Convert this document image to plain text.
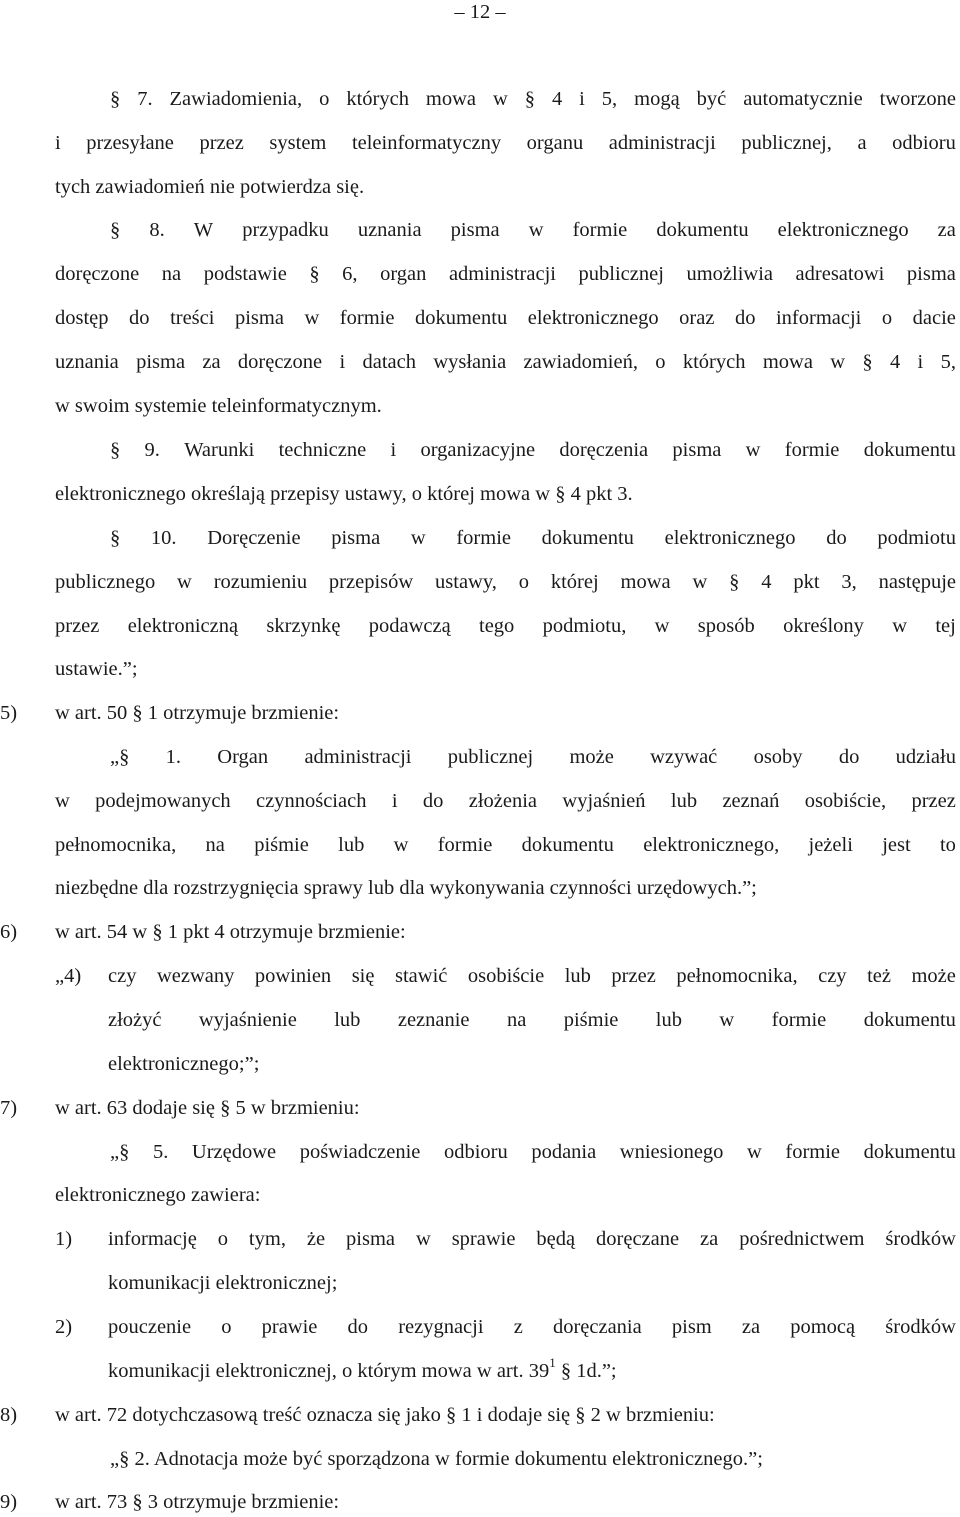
– 12 –
§ 7. Zawiadomienia, o których mowa w § 4 i 5, mogą być automatycznie tworzone
i przesyłane przez system teleinformatyczny organu administracji publicznej, a odbioru
tych zawiadomień nie potwierdza się.
§ 8. W przypadku uznania pisma w formie dokumentu elektronicznego za
doręczone na podstawie § 6, organ administracji publicznej umożliwia adresatowi pisma
dostęp do treści pisma w formie dokumentu elektronicznego oraz do informacji o dacie
uznania pisma za doręczone i datach wysłania zawiadomień, o których mowa w § 4 i 5,
w swoim systemie teleinformatycznym.
§ 9. Warunki techniczne i organizacyjne doręczenia pisma w formie dokumentu
elektronicznego określają przepisy ustawy, o której mowa w § 4 pkt 3.
§ 10. Doręczenie pisma w formie dokumentu elektronicznego do podmiotu
publicznego w rozumieniu przepisów ustawy, o której mowa w § 4 pkt 3, następuje
przez elektroniczną skrzynkę podawczą tego podmiotu, w sposób określony w tej
ustawie.”;
5) w art. 50 § 1 otrzymuje brzmienie:
„§ 1. Organ administracji publicznej może wzywać osoby do udziału
w podejmowanych czynnościach i do złożenia wyjaśnień lub zeznań osobiście, przez
pełnomocnika, na piśmie lub w formie dokumentu elektronicznego, jeżeli jest to
niezbędne dla rozstrzygnięcia sprawy lub dla wykonywania czynności urzędowych.”;
6) w art. 54 w § 1 pkt 4 otrzymuje brzmienie:
„4) czy wezwany powinien się stawić osobiście lub przez pełnomocnika, czy też może
złożyć wyjaśnienie lub zeznanie na piśmie lub w formie dokumentu
elektronicznego;”;
7) w art. 63 dodaje się § 5 w brzmieniu:
„§ 5. Urzędowe poświadczenie odbioru podania wniesionego w formie dokumentu
elektronicznego zawiera:
1) informację o tym, że pisma w sprawie będą doręczane za pośrednictwem środków
komunikacji elektronicznej;
2) pouczenie o prawie do rezygnacji z doręczania pism za pomocą środków
komunikacji elektronicznej, o którym mowa w art. $39^1$ § 1d.”;
8) w art. 72 dotychczasową treść oznacza się jako § 1 i dodaje się § 2 w brzmieniu:
„§ 2. Adnotacja może być sporządzona w formie dokumentu elektronicznego.”;
9) w art. 73 § 3 otrzymuje brzmienie:
